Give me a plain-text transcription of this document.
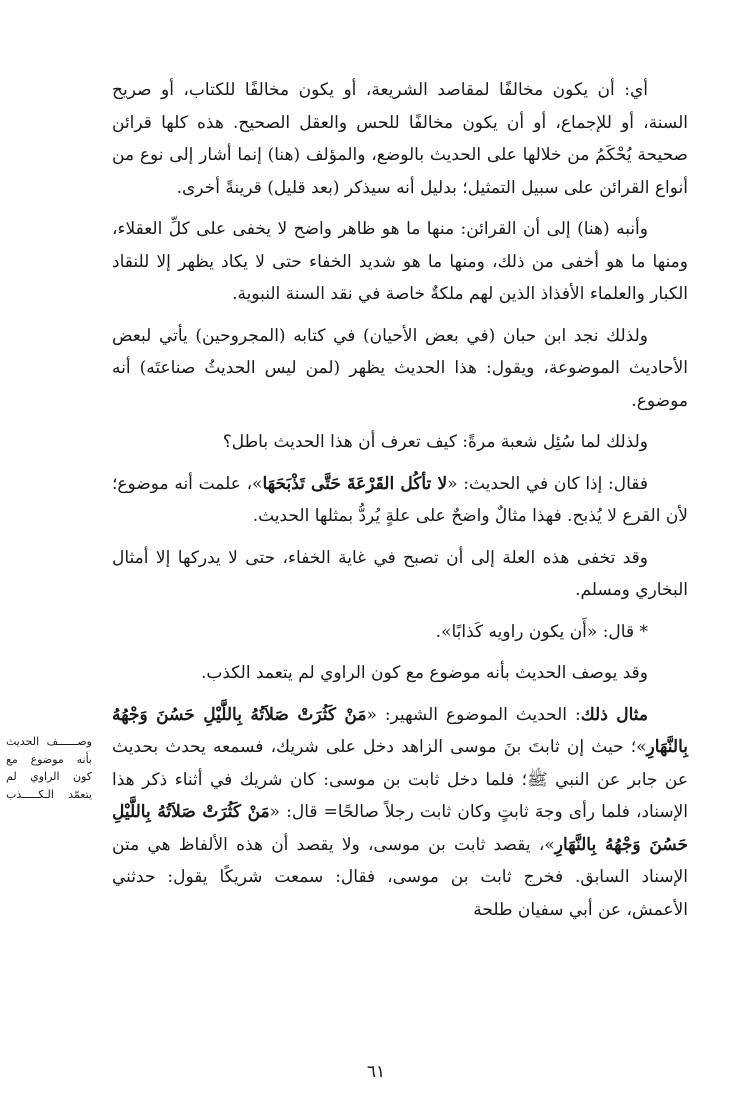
أي: أن يكون مخالفًا لمقاصد الشريعة، أو يكون مخالفًا للكتاب، أو صريح السنة، أو للإجماع، أو أن يكون مخالفًا للحس والعقل الصحيح. هذه كلها قرائن صحيحة يُحْكَمُ من خلالها على الحديث بالوضع، والمؤلف (هنا) إنما أشار إلى نوع من أنواع القرائن على سبيل التمثيل؛ بدليل أنه سيذكر (بعد قليل) قرينةً أخرى.

وأنبه (هنا) إلى أن القرائن: منها ما هو ظاهر واضح لا يخفى على كلِّ العقلاء، ومنها ما هو أخفى من ذلك، ومنها ما هو شديد الخفاء حتى لا يكاد يظهر إلا للنقاد الكبار والعلماء الأفذاذ الذين لهم ملكةٌ خاصة في نقد السنة النبوية.

ولذلك نجد ابن حبان (في بعض الأحيان) في كتابه (المجروحين) يأتي لبعض الأحاديث الموضوعة، ويقول: هذا الحديث يظهر (لمن ليس الحديثُ صناعتَه) أنه موضوع.

ولذلك لما سُئِل شعبة مرةً: كيف تعرف أن هذا الحديث باطل؟

فقال: إذا كان في الحديث: «لا تأكُل القَرْعَةَ حَتَّى تَذْبَحَهَا»، علمت أنه موضوع؛ لأن القرع لا يُذبح. فهذا مثالٌ واضحٌ على علةٍ يُردُّ بمثلها الحديث.

وقد تخفى هذه العلة إلى أن تصبح في غاية الخفاء، حتى لا يدركها إلا أمثال البخاري ومسلم.

* قال: «أَن يكون راويه كَذابًا».

وقد يوصف الحديث بأنه موضوع مع كون الراوي لم يتعمد الكذب.

مثال ذلك: الحديث الموضوع الشهير: «مَنْ كَثُرَتْ صَلاَتُهُ بِاللَّيْلِ حَسُنَ وَجْهُهُ بِالنَّهَارِ»؛ حيث إن ثابتَ بنَ موسى الزاهد دخل على شريك، فسمعه يحدث بحديث عن جابر عن النبي ﷺ؛ فلما دخل ثابت بن موسى: كان شريك في أثناء ذكر هذا الإسناد، فلما رأى وجهَ ثابتٍ وكان ثابت رجلاً صالحًا= قال: «مَنْ كَثُرَتْ صَلاَتُهُ بِاللَّيْلِ حَسُنَ وَجْهُهُ بِالنَّهَارِ»، يقصد ثابت بن موسى، ولا يقصد أن هذه الألفاظ هي متن الإسناد السابق. فخرج ثابت بن موسى، فقال: سمعت شريكًا يقول: حدثني الأعمش، عن أبي سفيان طلحة

وصــــــف الحديث بأنه موضوع مع كون الراوي لم يتعمّد الـكـــــذب
٦١
